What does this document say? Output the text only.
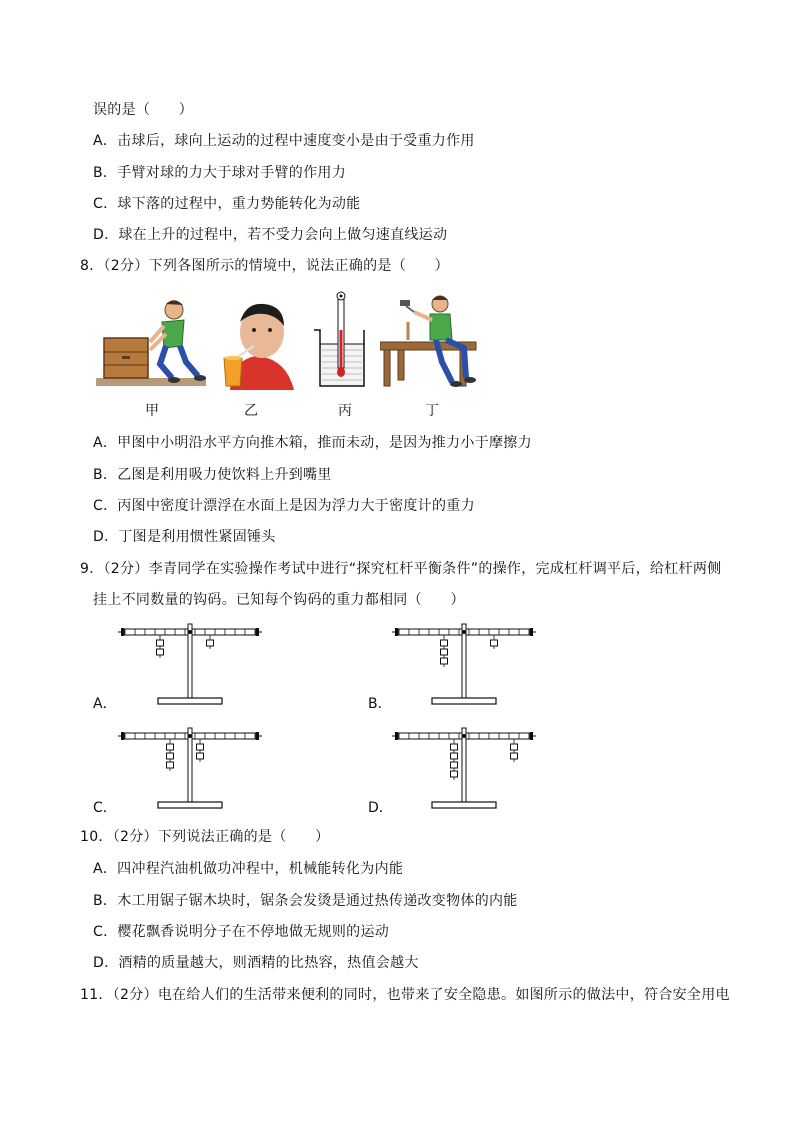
误的是（　　）
A．击球后，球向上运动的过程中速度变小是由于受重力作用
B．手臂对球的力大于球对手臂的作用力
C．球下落的过程中，重力势能转化为动能
D．球在上升的过程中，若不受力会向上做匀速直线运动
8．（2分）下列各图所示的情境中，说法正确的是（　　）
甲	乙	丙	丁
A．甲图中小明沿水平方向推木箱，推而未动，是因为推力小于摩擦力
B．乙图是利用吸力使饮料上升到嘴里
C．丙图中密度计漂浮在水面上是因为浮力大于密度计的重力
D．丁图是利用惯性紧固锤头
9．（2分）李青同学在实验操作考试中进行“探究杠杆平衡条件”的操作，完成杠杆调平后，给杠杆两侧
挂上不同数量的钩码。已知每个钩码的重力都相同（　　）
A．	B．
C．	D．
10．（2分）下列说法正确的是（　　）
A．四冲程汽油机做功冲程中，机械能转化为内能
B．木工用锯子锯木块时，锯条会发烫是通过热传递改变物体的内能
C．樱花飘香说明分子在不停地做无规则的运动
D．酒精的质量越大，则酒精的比热容，热值会越大
11．（2分）电在给人们的生活带来便利的同时，也带来了安全隐患。如图所示的做法中，符合安全用电
